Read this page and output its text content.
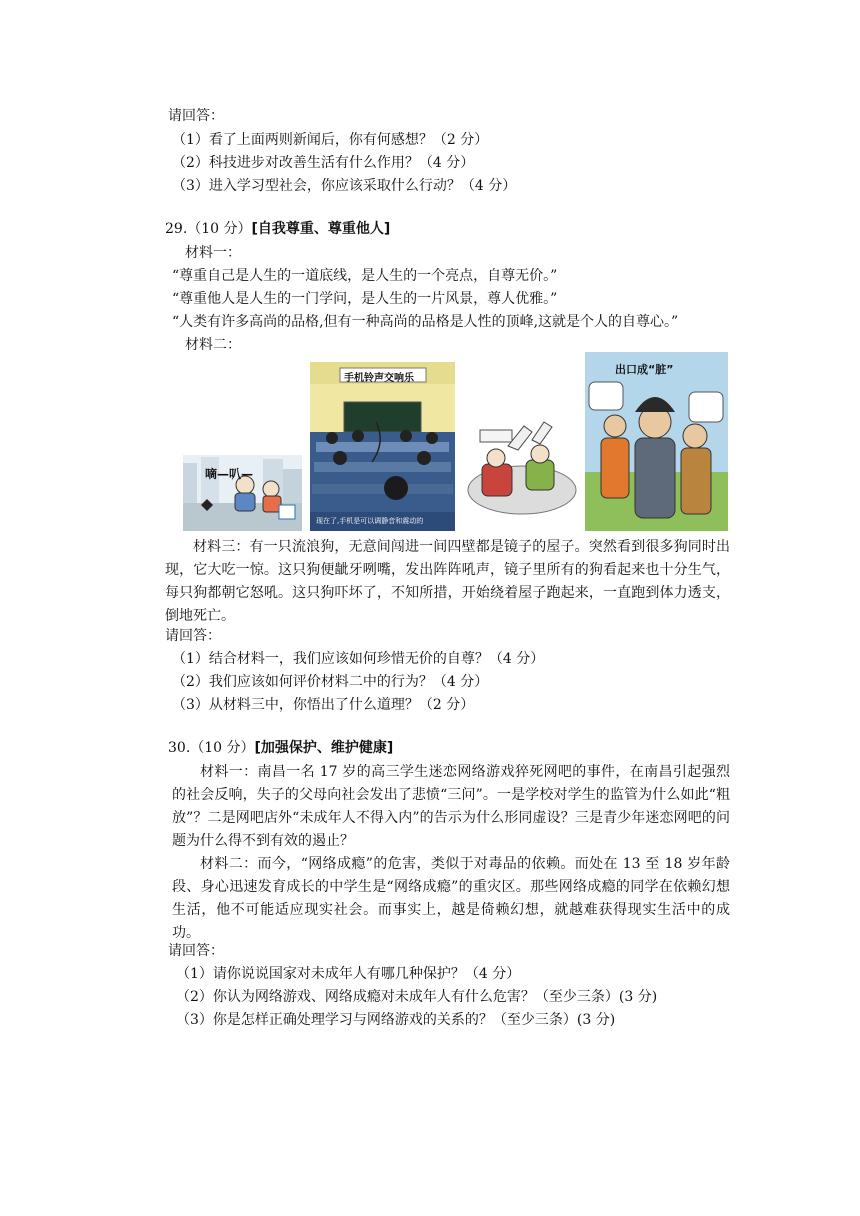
请回答：
（1）看了上面两则新闻后，你有何感想？（2 分）
（2）科技进步对改善生活有什么作用？（4 分）
（3）进入学习型社会，你应该采取什么行动？（4 分）
29.（10 分）[自我尊重、尊重他人]
材料一：
“尊重自己是人生的一道底线，是人生的一个亮点，自尊无价。”
“尊重他人是人生的一门学问，是人生的一片风景，尊人优雅。”
“人类有许多高尚的品格,但有一种高尚的品格是人性的顶峰,这就是个人的自尊心。”
材料二：
嘀—叭—
手机铃声交响乐
现在了,手机是可以调静音和震动的
出口成“脏”

材料三：有一只流浪狗，无意间闯进一间四壁都是镜子的屋子。突然看到很多狗同时出现，它大吃一惊。这只狗便龇牙咧嘴，发出阵阵吼声，镜子里所有的狗看起来也十分生气，每只狗都朝它怒吼。这只狗吓坏了，不知所措，开始绕着屋子跑起来，一直跑到体力透支，倒地死亡。

请回答：
（1）结合材料一，我们应该如何珍惜无价的自尊？（4 分）
（2）我们应该如何评价材料二中的行为？（4 分）
（3）从材料三中，你悟出了什么道理？（2 分）
30.（10 分）[加强保护、维护健康]

材料一：南昌一名 17 岁的高三学生迷恋网络游戏猝死网吧的事件，在南昌引起强烈的社会反响，失子的父母向社会发出了悲愤“三问”。一是学校对学生的监管为什么如此“粗放”？二是网吧店外“未成年人不得入内”的告示为什么形同虚设？三是青少年迷恋网吧的问题为什么得不到有效的遏止？

材料二：而今，“网络成瘾”的危害，类似于对毒品的依赖。而处在 13 至 18 岁年龄段、身心迅速发育成长的中学生是“网络成瘾”的重灾区。那些网络成瘾的同学在依赖幻想生活，他不可能适应现实社会。而事实上，越是倚赖幻想，就越难获得现实生活中的成功。

请回答：
（1）请你说说国家对未成年人有哪几种保护？（4 分）
（2）你认为网络游戏、网络成瘾对未成年人有什么危害？（至少三条）(3 分)
（3）你是怎样正确处理学习与网络游戏的关系的？（至少三条）(3 分)
